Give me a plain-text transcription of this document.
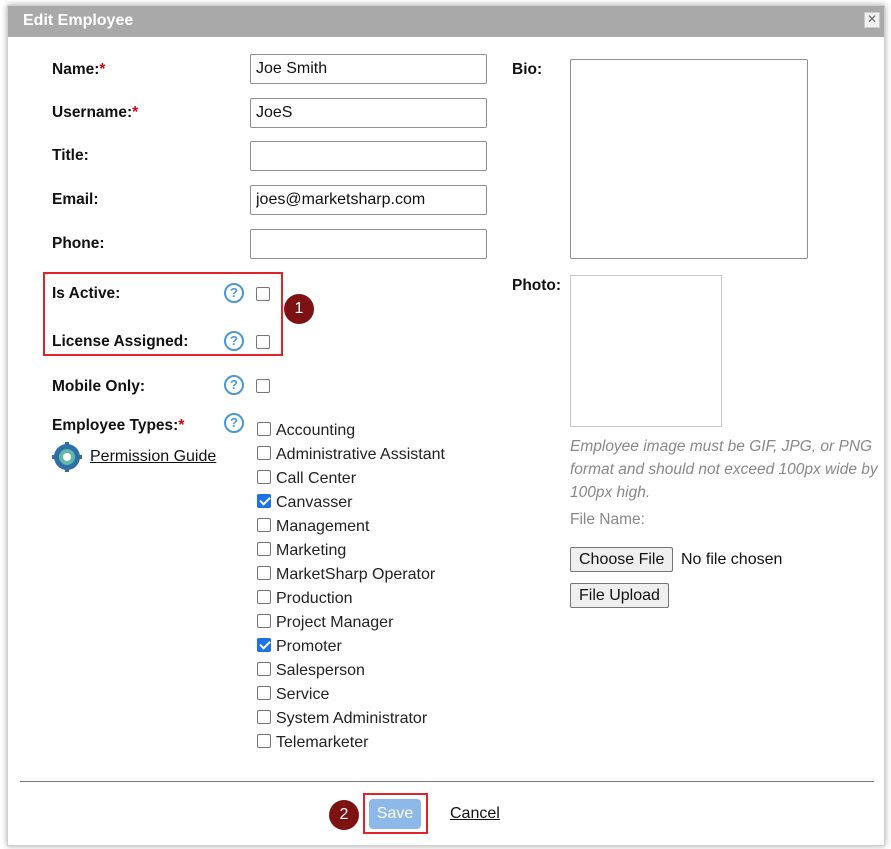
Edit Employee	✕
Name:*
Joe Smith
Username:*
JoeS
Title:
Email:
joes@marketsharp.com
Phone:
1
Is Active:	?
License Assigned:	?
Mobile Only:	?
Employee Types:*	?
Permission Guide
Accounting
Administrative Assistant
Call Center
Canvasser
Management
Marketing
MarketSharp Operator
Production
Project Manager
Promoter
Salesperson
Service
System Administrator
Telemarketer
Bio:
Photo:
Employee image must be GIF, JPG, or PNG format and should not exceed 100px wide by 100px high.
File Name:
Choose File	No file chosen
File Upload
2	Save	Cancel
